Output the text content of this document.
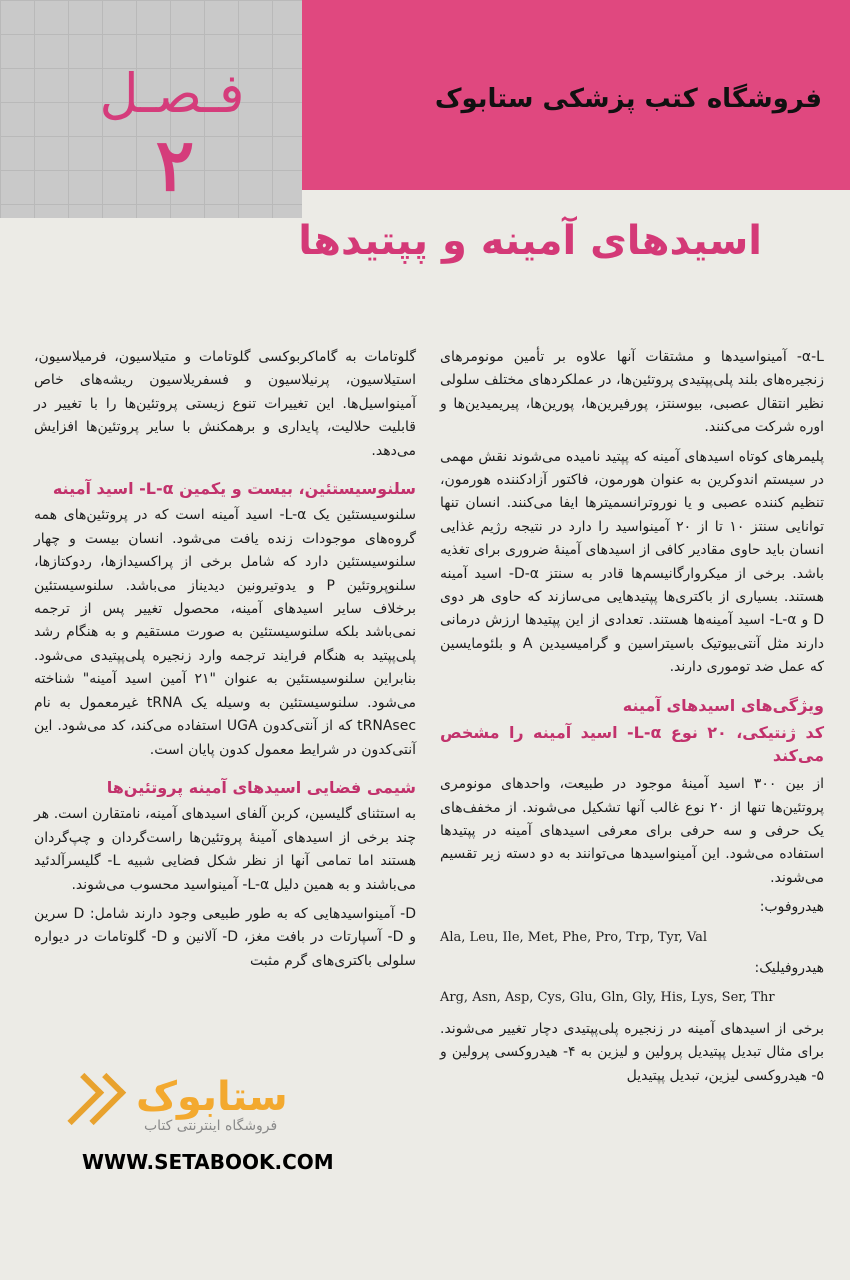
فـصـل
۲
فروشگاه کتب پزشکی ستابوک
اسیدهای آمینه و پپتیدها

α-L- آمینواسیدها و مشتقات آنها علاوه بر تأمین مونومرهای زنجیره‌های بلند پلی‌پپتیدی پروتئین‌ها، در عملکردهای مختلف سلولی نظیر انتقال عصبی، بیوسنتز، پورفیرین‌ها، پورین‌ها، پیریمیدین‌ها و اوره شرکت می‌کنند.

پلیمرهای کوتاه اسیدهای آمینه که پپتید نامیده می‌شوند نقش مهمی در سیستم اندوکرین به عنوان هورمون، فاکتور آزادکننده هورمون، تنظیم کننده عصبی و یا نوروترانسمیترها ایفا می‌کنند. انسان تنها توانایی سنتز ۱۰ تا از ۲۰ آمینواسید را دارد در نتیجه رژیم غذایی انسان باید حاوی مقادیر کافی از اسیدهای آمینهٔ ضروری برای تغذیه باشد. برخی از میکروارگانیسم‌ها قادر به سنتز D-α- اسید آمینه هستند. بسیاری از باکتری‌ها پپتیدهایی می‌سازند که حاوی هر دوی D و L-α- اسید آمینه‌ها هستند. تعدادی از این پپتیدها ارزش درمانی دارند مثل آنتی‌بیوتیک باسیتراسین و گرامیسیدین A و بلئومایسین که عمل ضد توموری دارند.

ویژگی‌های اسیدهای آمینه
کد ژنتیکی، ۲۰ نوع L-α- اسید آمینه را مشخص می‌کند

از بین ۳۰۰ اسید آمینهٔ موجود در طبیعت، واحدهای مونومری پروتئین‌ها تنها از ۲۰ نوع غالب آنها تشکیل می‌شوند. از مخفف‌های یک حرفی و سه حرفی برای معرفی اسیدهای آمینه در پپتیدها استفاده می‌شود. این آمینواسیدها می‌توانند به دو دسته زیر تقسیم می‌شوند.

هیدروفوب:
Ala, Leu, Ile, Met, Phe, Pro, Trp, Tyr, Val
هیدروفیلیک:
Arg, Asn, Asp, Cys, Glu, Gln, Gly, His, Lys, Ser, Thr

برخی از اسیدهای آمینه در زنجیره پلی‌پپتیدی دچار تغییر می‌شوند. برای مثال تبدیل پپتیدیل پرولین و لیزین به ۴- هیدروکسی پرولین و ۵- هیدروکسی لیزین، تبدیل پپتیدیل

گلوتامات به گاماکربوکسی گلوتامات و متیلاسیون، فرمیلاسیون، استیلاسیون، پرنیلاسیون و فسفریلاسیون ریشه‌های خاص آمینواسیل‌ها. این تغییرات تنوع زیستی پروتئین‌ها را با تغییر در قابلیت حلالیت، پایداری و برهمکنش با سایر پروتئین‌ها افزایش می‌دهد.

سلنوسیستئین، بیست و یکمین L-α- اسید آمینه

سلنوسیستئین یک L-α- اسید آمینه است که در پروتئین‌های همه گروه‌های موجودات زنده یافت می‌شود. انسان بیست و چهار سلنوسیستئین دارد که شامل برخی از پراکسیدازها، ردوکتازها، سلنوپروتئین P و یدوتیرونین دیدیناز می‌باشد. سلنوسیستئین برخلاف سایر اسیدهای آمینه، محصول تغییر پس از ترجمه نمی‌باشد بلکه سلنوسیستئین به صورت مستقیم و به هنگام رشد پلی‌پپتید به هنگام فرایند ترجمه وارد زنجیره پلی‌پپتیدی می‌شود. بنابراین سلنوسیستئین به عنوان "۲۱ آمین اسید آمینه" شناخته می‌شود. سلنوسیستئین به وسیله یک tRNA غیرمعمول به نام tRNAsec که از آنتی‌کدون UGA استفاده می‌کند، کد می‌شود. این آنتی‌کدون در شرایط معمول کدون پایان است.

شیمی فضایی اسیدهای آمینه پروتئین‌ها

به استثنای گلیسین، کربن آلفای اسیدهای آمینه، نامتقارن است. هر چند برخی از اسیدهای آمینهٔ پروتئین‌ها راست‌گردان و چپ‌گردان هستند اما تمامی آنها از نظر شکل فضایی شبیه L- گلیسرآلدئید می‌باشند و به همین دلیل L-α- آمینواسید محسوب می‌شوند.

D- آمینواسیدهایی که به طور طبیعی وجود دارند شامل: D سرین و D- آسپارتات در بافت مغز، D- آلانین و D- گلوتامات در دیواره سلولی باکتری‌های گرم مثبت

ستابوک
فروشگاه اینترنتی کتاب
WWW.SETABOOK.COM
